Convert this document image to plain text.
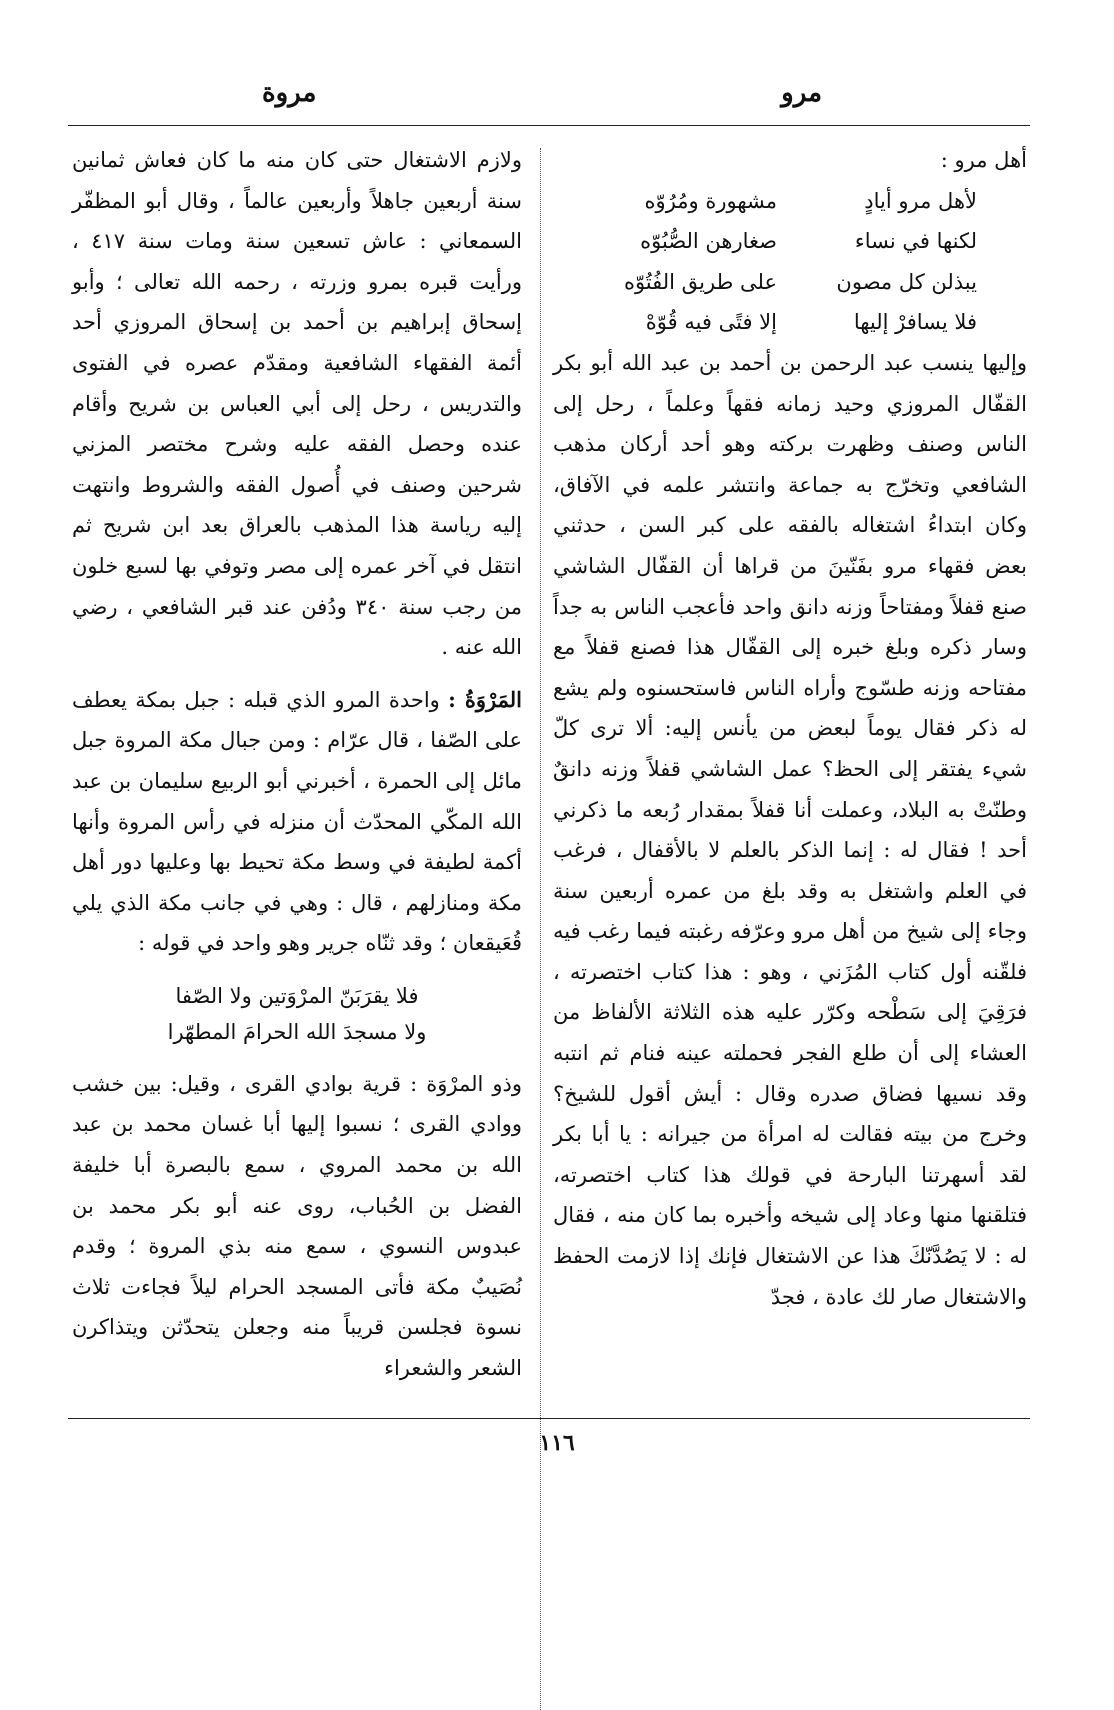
مرو
مروة

أهل مرو :

لأهل مرو أيادٍ
مشهورة ومُرُوّه
لكنها في نساء
صغارهن الصُّبُوّه
يبذلن كل مصون
على طريق الفُتُوّه
فلا يسافرْ إليها
إلا فتًى فيه قُوّهْ

وإليها ينسب عبد الرحمن بن أحمد بن عبد الله أبو بكر القفّال المروزي وحيد زمانه فقهاً وعلماً ، رحل إلى الناس وصنف وظهرت بركته وهو أحد أركان مذهب الشافعي وتخرّج به جماعة وانتشر علمه في الآفاق، وكان ابتداءُ اشتغاله بالفقه على كبر السن ، حدثني بعض فقهاء مرو بفَنّينَ من قراها أن القفّال الشاشي صنع قفلاً ومفتاحاً وزنه دانق واحد فأعجب الناس به جداً وسار ذكره وبلغ خبره إلى القفّال هذا فصنع قفلاً مع مفتاحه وزنه طسّوج وأراه الناس فاستحسنوه ولم يشع له ذكر فقال يوماً لبعض من يأنس إليه: ألا ترى كلّ شيء يفتقر إلى الحظ؟ عمل الشاشي قفلاً وزنه دانقٌ وطنّتْ به البلاد، وعملت أنا قفلاً بمقدار رُبعه ما ذكرني أحد ! فقال له : إنما الذكر بالعلم لا بالأقفال ، فرغب في العلم واشتغل به وقد بلغ من عمره أربعين سنة وجاء إلى شيخ من أهل مرو وعرّفه رغبته فيما رغب فيه فلقّنه أول كتاب المُزَني ، وهو : هذا كتاب اختصرته ، فرَقِيَ إلى سَطْحه وكرّر عليه هذه الثلاثة الألفاظ من العشاء إلى أن طلع الفجر فحملته عينه فنام ثم انتبه وقد نسيها فضاق صدره وقال : أيش أقول للشيخ؟ وخرج من بيته فقالت له امرأة من جيرانه : يا أبا بكر لقد أسهرتنا البارحة في قولك هذا كتاب اختصرته، فتلقنها منها وعاد إلى شيخه وأخبره بما كان منه ، فقال له : لا يَصُدَّنّكَ هذا عن الاشتغال فإنك إذا لازمت الحفظ والاشتغال صار لك عادة ، فجدّ

ولازم الاشتغال حتى كان منه ما كان فعاش ثمانين سنة أربعين جاهلاً وأربعين عالماً ، وقال أبو المظفّر السمعاني : عاش تسعين سنة ومات سنة ٤١٧ ، ورأيت قبره بمرو وزرته ، رحمه الله تعالى ؛ وأبو إسحاق إبراهيم بن أحمد بن إسحاق المروزي أحد أئمة الفقهاء الشافعية ومقدّم عصره في الفتوى والتدريس ، رحل إلى أبي العباس بن شريح وأقام عنده وحصل الفقه عليه وشرح مختصر المزني شرحين وصنف في أُصول الفقه والشروط وانتهت إليه رياسة هذا المذهب بالعراق بعد ابن شريح ثم انتقل في آخر عمره إلى مصر وتوفي بها لسبع خلون من رجب سنة ٣٤٠ ودُفن عند قبر الشافعي ، رضي الله عنه .

المَرْوَةُ : واحدة المرو الذي قبله : جبل بمكة يعطف على الصّفا ، قال عرّام : ومن جبال مكة المروة جبل مائل إلى الحمرة ، أخبرني أبو الربيع سليمان بن عبد الله المكّي المحدّث أن منزله في رأس المروة وأنها أكمة لطيفة في وسط مكة تحيط بها وعليها دور أهل مكة ومنازلهم ، قال : وهي في جانب مكة الذي يلي قُعَيقعان ؛ وقد ثنّاه جرير وهو واحد في قوله :

فلا يقرَبَنّ المرْوَتين ولا الصّفا
ولا مسجدَ الله الحرامَ المطهّرا

وذو المرْوَة : قرية بوادي القرى ، وقيل: بين خشب ووادي القرى ؛ نسبوا إليها أبا غسان محمد بن عبد الله بن محمد المروي ، سمع بالبصرة أبا خليفة الفضل بن الحُباب، روى عنه أبو بكر محمد بن عبدوس النسوي ، سمع منه بذي المروة ؛ وقدم نُصَيبٌ مكة فأتى المسجد الحرام ليلاً فجاءت ثلاث نسوة فجلسن قريباً منه وجعلن يتحدّثن ويتذاكرن الشعر والشعراء

١١٦
